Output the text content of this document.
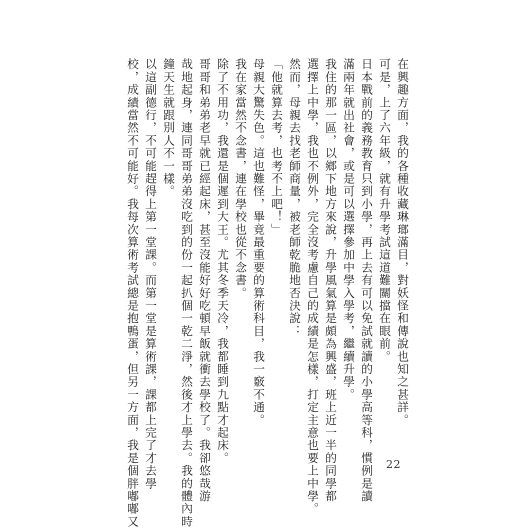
在興趣方面，我的各種收藏琳瑯滿目，對妖怪和傳說也知之甚詳。
可是，上了六年級，就有升學考試這道難關擋在眼前。
日本戰前的義務教育只到小學，再上去有可以免試就讀的小學高等科，慣例是讀
滿兩年就出社會，或是可以選擇參加中學入學考，繼續升學。
我住的那一區，以鄉下地方來說，升學風氣算是頗為興盛，班上近一半的同學都
選擇上中學，我也不例外，完全沒考慮自己的成績是怎樣，打定主意也要上中學。
然而，母親去找老師商量，被老師乾脆地否決說：
「他就算去考，也考不上吧！」
母親大驚失色。這也難怪，畢竟最重要的算術科目，我一竅不通。
我在家當然不念書，連在學校也從不念書。
除了不用功，我還是個遲到大王。尤其冬季天冷，我都睡到九點才起床。
哥哥和弟弟老早就已經起床，甚至沒能好好吃頓早飯就衝去學校了。我卻悠哉游
哉地起身，連同哥哥弟弟沒吃到的份一起扒個一乾二淨，然後才上學去。我的體內時
鐘天生就跟別人不一樣。
以這副德行，不可能趕得上第一堂課。而第一堂是算術課，課都上完了才去學
校，成績當然不可能好。我每次算術考試總是抱鴨蛋，但另一方面，我是個胖嘟嘟又	22
